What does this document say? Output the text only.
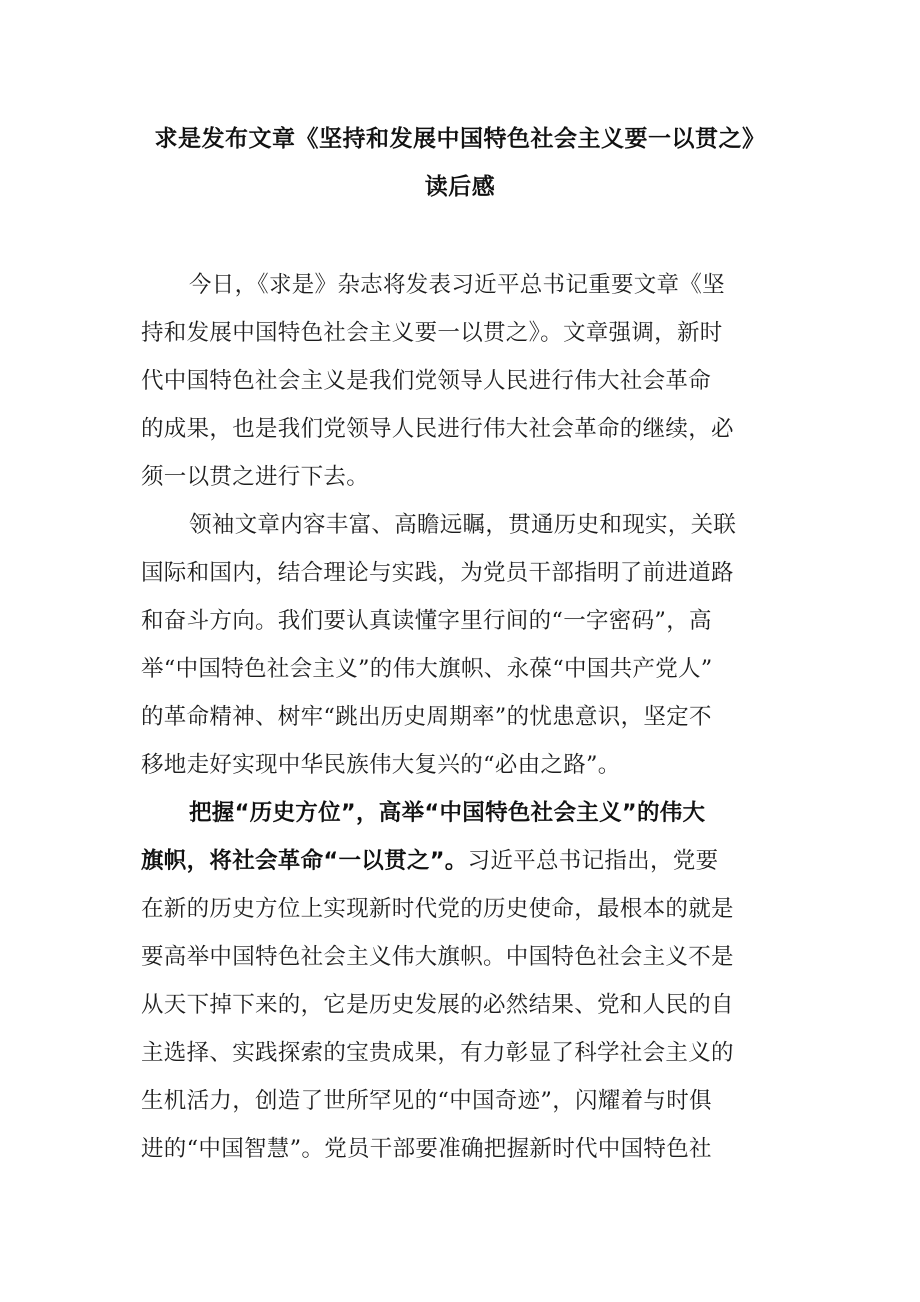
求是发布文章《坚持和发展中国特色社会主义要一以贯之》
读后感
今日，《求是》杂志将发表习近平总书记重要文章《坚
持和发展中国特色社会主义要一以贯之》。文章强调，新时
代中国特色社会主义是我们党领导人民进行伟大社会革命
的成果，也是我们党领导人民进行伟大社会革命的继续，必
须一以贯之进行下去。
领袖文章内容丰富、高瞻远瞩，贯通历史和现实，关联
国际和国内，结合理论与实践，为党员干部指明了前进道路
和奋斗方向。我们要认真读懂字里行间的“一字密码”，高
举“中国特色社会主义”的伟大旗帜、永葆“中国共产党人”
的革命精神、树牢“跳出历史周期率”的忧患意识，坚定不
移地走好实现中华民族伟大复兴的“必由之路”。
把握“历史方位”，高举“中国特色社会主义”的伟大
旗帜，将社会革命“一以贯之”。习近平总书记指出，党要
在新的历史方位上实现新时代党的历史使命，最根本的就是
要高举中国特色社会主义伟大旗帜。中国特色社会主义不是
从天下掉下来的，它是历史发展的必然结果、党和人民的自
主选择、实践探索的宝贵成果，有力彰显了科学社会主义的
生机活力，创造了世所罕见的“中国奇迹”，闪耀着与时俱
进的“中国智慧”。党员干部要准确把握新时代中国特色社
